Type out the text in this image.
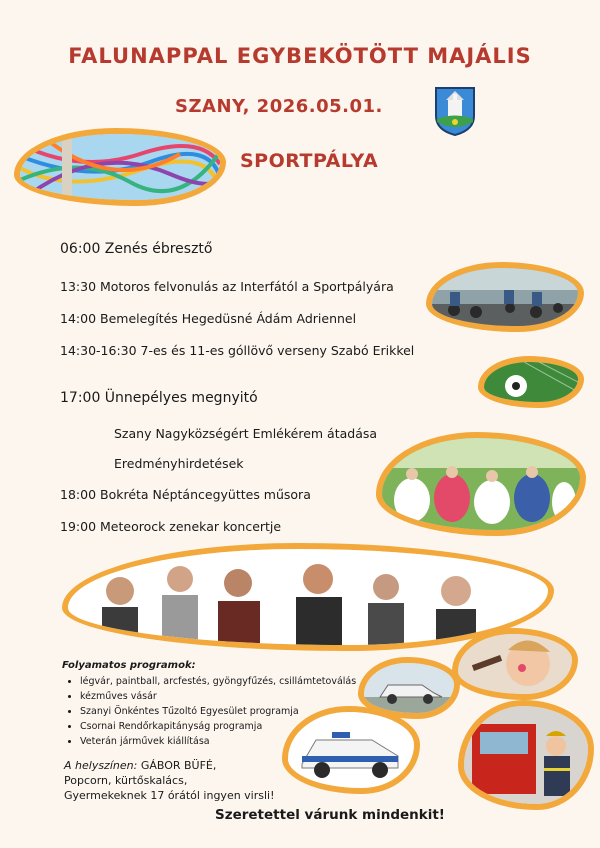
FALUNAPPAL EGYBEKÖTÖTT MAJÁLIS
SZANY, 2026.05.01.
SPORTPÁLYA
06:00 Zenés ébresztő
13:30 Motoros felvonulás az Interfától a Sportpályára
14:00 Bemelegítés Hegedüsné Ádám Adriennel
14:30-16:30 7-es és 11-es góllövő verseny Szabó Erikkel
17:00 Ünnepélyes megnyitó
Szany Nagyközségért Emlékérem átadása
Eredményhirdetések
18:00 Bokréta Néptáncegyüttes műsora
19:00 Meteorock zenekar koncertje
Folyamatos programok:
• légvár, paintball, arcfestés, gyöngyfűzés, csillámtetoválás
• kézműves vásár
• Szanyi Önkéntes Tűzoltó Egyesület programja
• Csornai Rendőrkapitányság programja
• Veterán járművek kiállítása
A helyszínen: GÁBOR BÜFÉ,
Popcorn, kürtőskalács,
Gyermekeknek 17 órától ingyen virsli!
Szeretettel várunk mindenkit!
